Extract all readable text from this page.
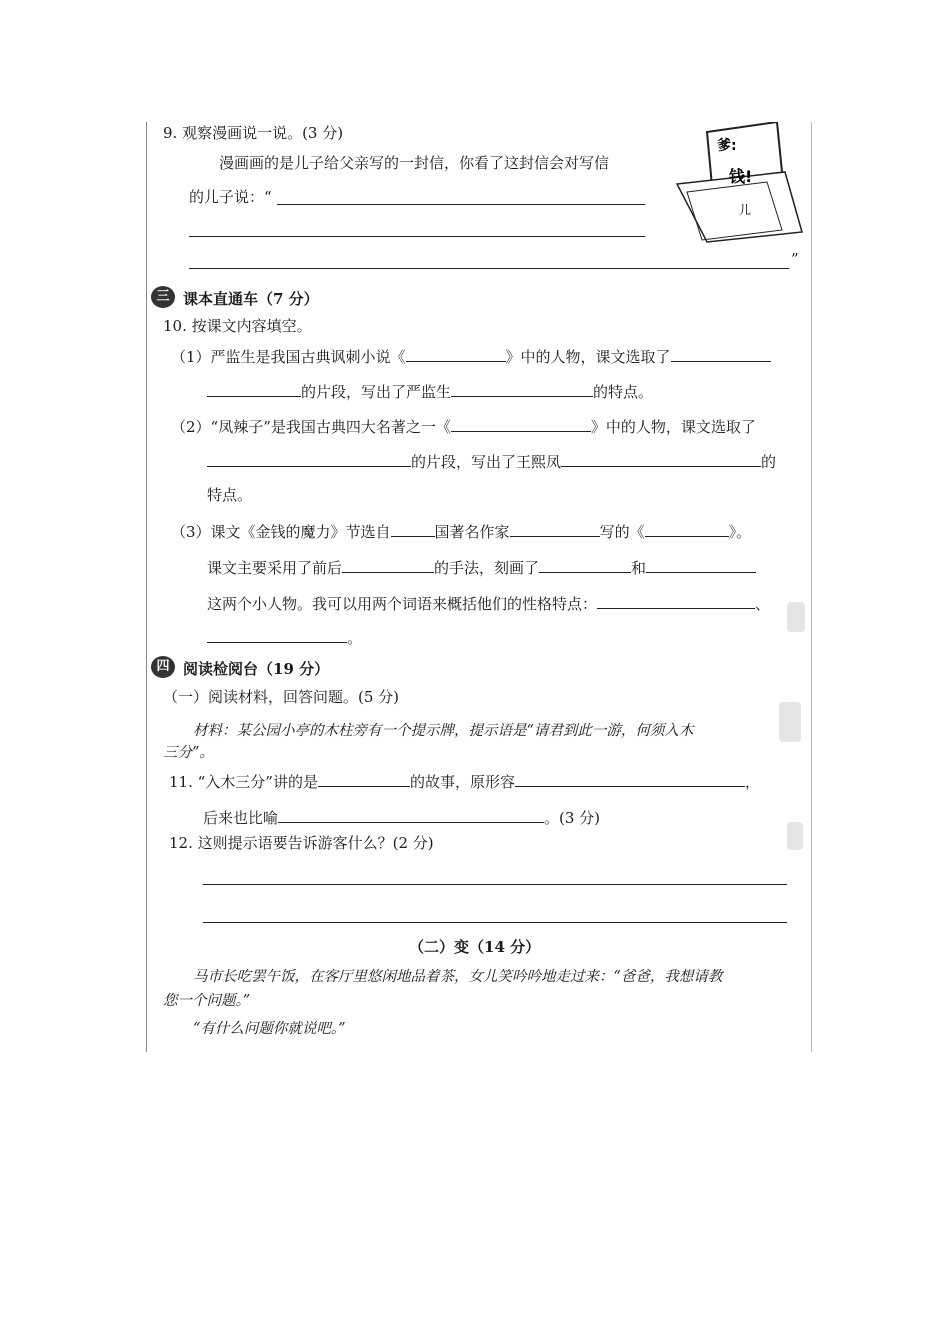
9. 观察漫画说一说。(3 分)
漫画画的是儿子给父亲写的一封信，你看了这封信会对写信
的儿子说：“
”
爹:
钱!
儿
三 课本直通车（7 分）
10. 按课文内容填空。
（1）严监生是我国古典讽刺小说《	》中的人物，课文选取了
的片段，写出了严监生	的特点。
（2）“凤辣子”是我国古典四大名著之一《	》中的人物，课文选取了
的片段，写出了王熙凤	的
特点。
（3）课文《金钱的魔力》节选自	国著名作家	写的《	》。
课文主要采用了前后	的手法，刻画了	和
这两个小人物。我可以用两个词语来概括他们的性格特点：	、
。
四 阅读检阅台（19 分）
（一）阅读材料，回答问题。(5 分)
材料：某公园小亭的木柱旁有一个提示牌，提示语是“请君到此一游，何须入木
三分”。
11. “入木三分”讲的是	的故事，原形容	，
后来也比喻	。(3 分)
12. 这则提示语要告诉游客什么？(2 分)
（二）变（14 分）
马市长吃罢午饭，在客厅里悠闲地品着茶，女儿笑吟吟地走过来：“爸爸，我想请教
您一个问题。”
“有什么问题你就说吧。”
